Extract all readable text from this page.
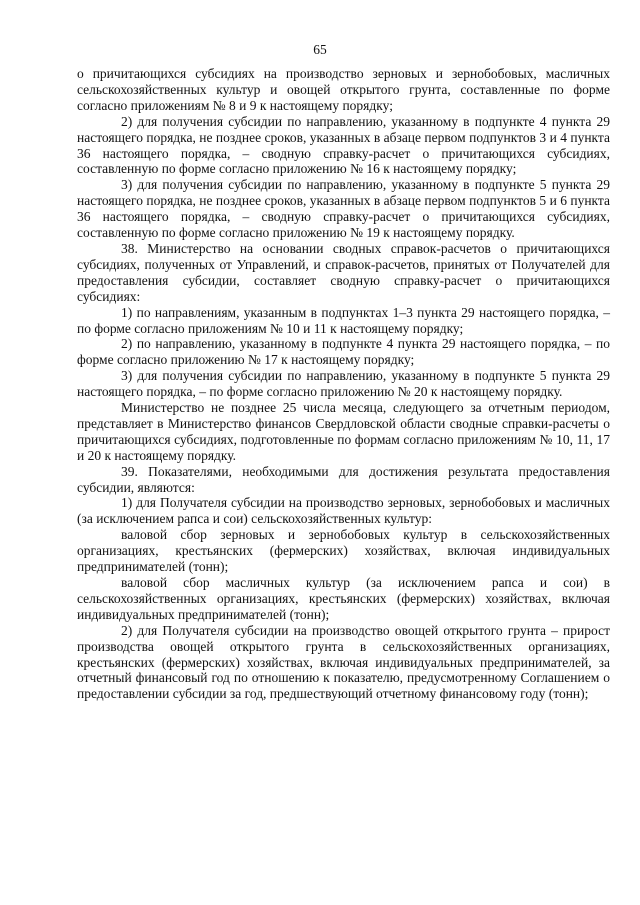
65

о причитающихся субсидиях на производство зерновых и зернобобовых, масличных сельскохозяйственных культур и овощей открытого грунта, составленные по форме согласно приложениям № 8 и 9 к настоящему порядку;

2) для получения субсидии по направлению, указанному в подпункте 4 пункта 29 настоящего порядка, не позднее сроков, указанных в абзаце первом подпунктов 3 и 4 пункта 36 настоящего порядка, – сводную справку-расчет о причитающихся субсидиях, составленную по форме согласно приложению № 16 к настоящему порядку;

3) для получения субсидии по направлению, указанному в подпункте 5 пункта 29 настоящего порядка, не позднее сроков, указанных в абзаце первом подпунктов 5 и 6 пункта 36 настоящего порядка, – сводную справку-расчет о причитающихся субсидиях, составленную по форме согласно приложению № 19 к настоящему порядку.

38. Министерство на основании сводных справок-расчетов о причитающихся субсидиях, полученных от Управлений, и справок-расчетов, принятых от Получателей для предоставления субсидии, составляет сводную справку-расчет о причитающихся субсидиях:

1) по направлениям, указанным в подпунктах 1–3 пункта 29 настоящего порядка, – по форме согласно приложениям № 10 и 11 к настоящему порядку;

2) по направлению, указанному в подпункте 4 пункта 29 настоящего порядка, – по форме согласно приложению № 17 к настоящему порядку;

3) для получения субсидии по направлению, указанному в подпункте 5 пункта 29 настоящего порядка, – по форме согласно приложению № 20 к настоящему порядку.

Министерство не позднее 25 числа месяца, следующего за отчетным периодом, представляет в Министерство финансов Свердловской области сводные справки-расчеты о причитающихся субсидиях, подготовленные по формам согласно приложениям № 10, 11, 17 и 20 к настоящему порядку.

39. Показателями, необходимыми для достижения результата предоставления субсидии, являются:

1) для Получателя субсидии на производство зерновых, зернобобовых и масличных (за исключением рапса и сои) сельскохозяйственных культур:

валовой сбор зерновых и зернобобовых культур в сельскохозяйственных организациях, крестьянских (фермерских) хозяйствах, включая индивидуальных предпринимателей (тонн);

валовой сбор масличных культур (за исключением рапса и сои) в сельскохозяйственных организациях, крестьянских (фермерских) хозяйствах, включая индивидуальных предпринимателей (тонн);

2) для Получателя субсидии на производство овощей открытого грунта – прирост производства овощей открытого грунта в сельскохозяйственных организациях, крестьянских (фермерских) хозяйствах, включая индивидуальных предпринимателей, за отчетный финансовый год по отношению к показателю, предусмотренному Соглашением о предоставлении субсидии за год, предшествующий отчетному финансовому году (тонн);
